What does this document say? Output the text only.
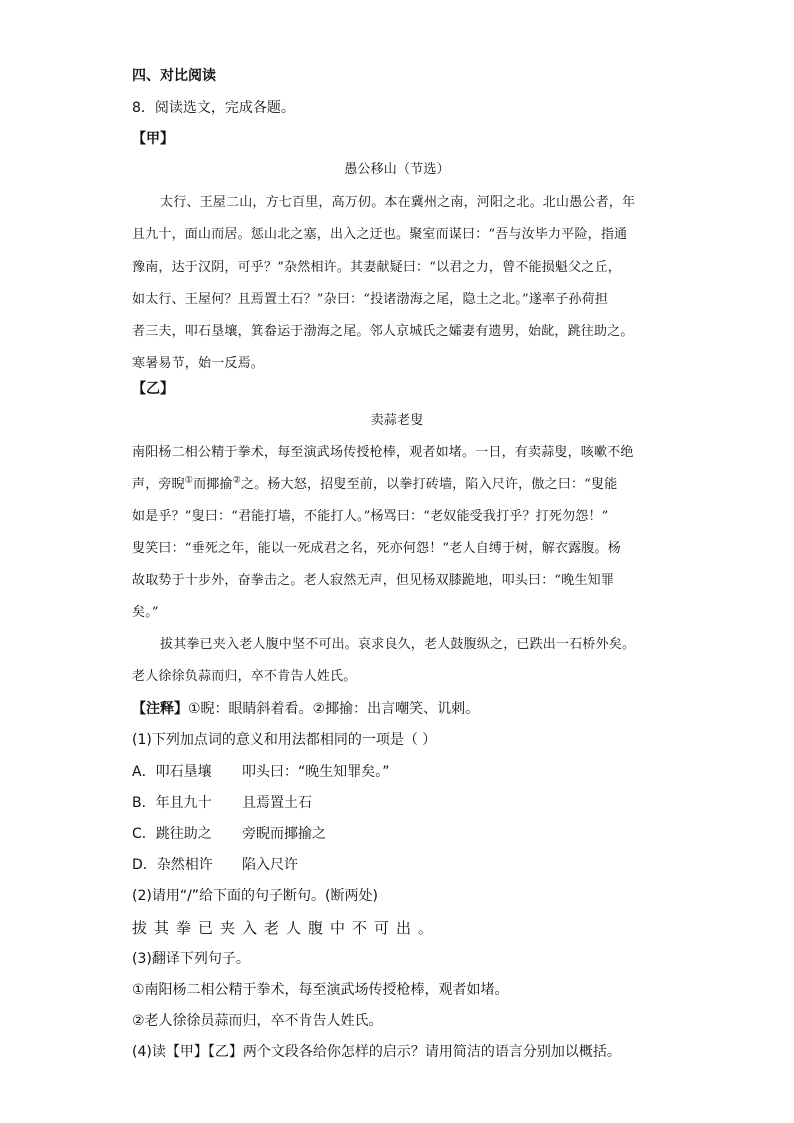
四、对比阅读

8．阅读选文，完成各题。

【甲】

愚公移山（节选）

太行、王屋二山，方七百里，高万仞。本在冀州之南，河阳之北。北山愚公者，年

且九十，面山而居。惩山北之塞，出入之迂也。聚室而谋曰：“吾与汝毕力平险，指通

豫南，达于汉阴，可乎？”杂然相许。其妻献疑曰：“以君之力，曾不能损魁父之丘，

如太行、王屋何？且焉置土石？”杂曰：“投诸渤海之尾，隐土之北。”遂率子孙荷担

者三夫，叩石垦壤，箕畚运于渤海之尾。邻人京城氏之孀妻有遗男，始龀，跳往助之。

寒暑易节，始一反焉。

【乙】

卖蒜老叟

南阳杨二相公精于拳术，每至演武场传授枪棒，观者如堵。一日，有卖蒜叟，咳嗽不绝

声，旁睨①而揶揄②之。杨大怒，招叟至前，以拳打砖墙，陷入尺许，傲之曰：“叟能

如是乎？”叟曰：“君能打墙，不能打人。”杨骂曰：“老奴能受我打乎？打死勿怨！”

叟笑曰：“垂死之年，能以一死成君之名，死亦何怨！”老人自缚于树，解衣露腹。杨

故取势于十步外，奋拳击之。老人寂然无声，但见杨双膝跪地，叩头曰：“晚生知罪

矣。”

拔其拳已夹入老人腹中坚不可出。哀求良久，老人鼓腹纵之，已跌出一石桥外矣。

老人徐徐负蒜而归，卒不肯告人姓氏。

【注释】①睨：眼睛斜着看。②揶揄：出言嘲笑、讥刺。

(1)下列加点词的意义和用法都相同的一项是（ ）

A．叩石垦壤 叩头曰：“晚生知罪矣。”

B．年且九十 且焉置土石

C．跳往助之 旁睨而揶揄之

D．杂然相许 陷入尺许

(2)请用“/”给下面的句子断句。(断两处)

拔其拳已夹入老人腹中不可出。

(3)翻译下列句子。

①南阳杨二相公精于拳术，每至演武场传授枪棒，观者如堵。

②老人徐徐员蒜而归，卒不肯告人姓氏。

(4)读【甲】【乙】两个文段各给你怎样的启示？请用简洁的语言分别加以概括。
